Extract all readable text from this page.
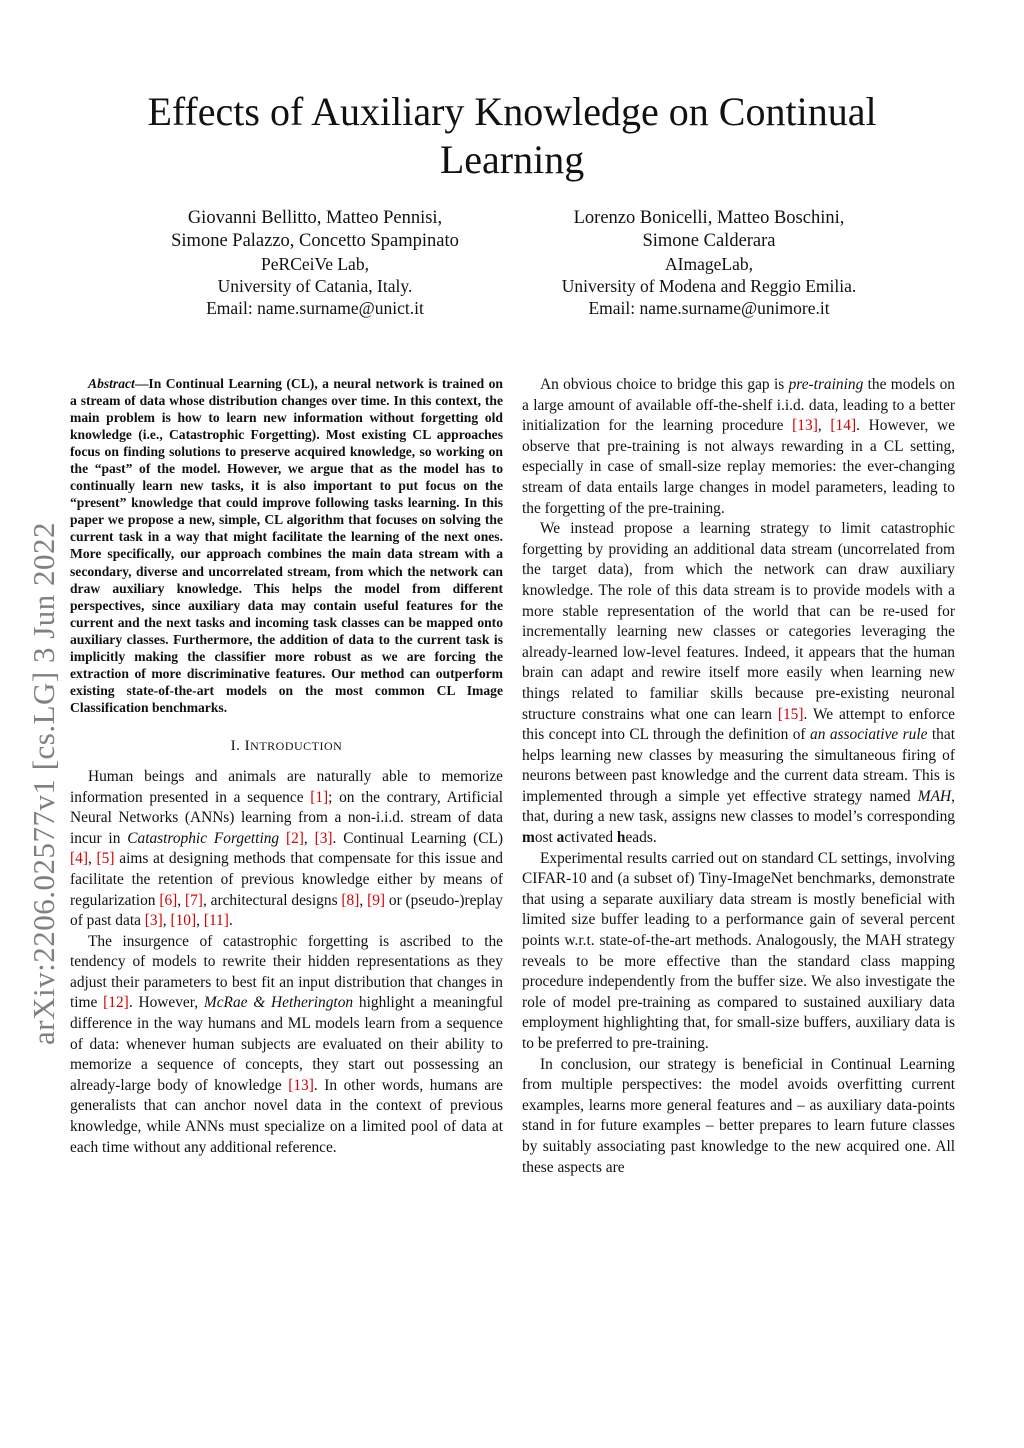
arXiv:2206.02577v1 [cs.LG] 3 Jun 2022
Effects of Auxiliary Knowledge on Continual Learning
Giovanni Bellitto, Matteo Pennisi,
Simone Palazzo, Concetto Spampinato
PeRCeiVe Lab,
University of Catania, Italy.
Email: name.surname@unict.it
Lorenzo Bonicelli, Matteo Boschini,
Simone Calderara
AImageLab,
University of Modena and Reggio Emilia.
Email: name.surname@unimore.it

Abstract—In Continual Learning (CL), a neural network is trained on a stream of data whose distribution changes over time. In this context, the main problem is how to learn new information without forgetting old knowledge (i.e., Catastrophic Forgetting). Most existing CL approaches focus on finding solutions to preserve acquired knowledge, so working on the “past” of the model. However, we argue that as the model has to continually learn new tasks, it is also important to put focus on the “present” knowledge that could improve following tasks learning. In this paper we propose a new, simple, CL algorithm that focuses on solving the current task in a way that might facilitate the learning of the next ones. More specifically, our approach combines the main data stream with a secondary, diverse and uncorrelated stream, from which the network can draw auxiliary knowledge. This helps the model from different perspectives, since auxiliary data may contain useful features for the current and the next tasks and incoming task classes can be mapped onto auxiliary classes. Furthermore, the addition of data to the current task is implicitly making the classifier more robust as we are forcing the extraction of more discriminative features. Our method can outperform existing state-of-the-art models on the most common CL Image Classification benchmarks.

I. INTRODUCTION

Human beings and animals are naturally able to memorize information presented in a sequence [1]; on the contrary, Artificial Neural Networks (ANNs) learning from a non-i.i.d. stream of data incur in Catastrophic Forgetting [2], [3]. Continual Learning (CL) [4], [5] aims at designing methods that compensate for this issue and facilitate the retention of previous knowledge either by means of regularization [6], [7], architectural designs [8], [9] or (pseudo-)replay of past data [3], [10], [11].

The insurgence of catastrophic forgetting is ascribed to the tendency of models to rewrite their hidden representations as they adjust their parameters to best fit an input distribution that changes in time [12]. However, McRae & Hetherington highlight a meaningful difference in the way humans and ML models learn from a sequence of data: whenever human subjects are evaluated on their ability to memorize a sequence of concepts, they start out possessing an already-large body of knowledge [13]. In other words, humans are generalists that can anchor novel data in the context of previous knowledge, while ANNs must specialize on a limited pool of data at each time without any additional reference.

An obvious choice to bridge this gap is pre-training the models on a large amount of available off-the-shelf i.i.d. data, leading to a better initialization for the learning procedure [13], [14]. However, we observe that pre-training is not always rewarding in a CL setting, especially in case of small-size replay memories: the ever-changing stream of data entails large changes in model parameters, leading to the forgetting of the pre-training.

We instead propose a learning strategy to limit catastrophic forgetting by providing an additional data stream (uncorrelated from the target data), from which the network can draw auxiliary knowledge. The role of this data stream is to provide models with a more stable representation of the world that can be re-used for incrementally learning new classes or categories leveraging the already-learned low-level features. Indeed, it appears that the human brain can adapt and rewire itself more easily when learning new things related to familiar skills because pre-existing neuronal structure constrains what one can learn [15]. We attempt to enforce this concept into CL through the definition of an associative rule that helps learning new classes by measuring the simultaneous firing of neurons between past knowledge and the current data stream. This is implemented through a simple yet effective strategy named MAH, that, during a new task, assigns new classes to model’s corresponding most activated heads.

Experimental results carried out on standard CL settings, involving CIFAR-10 and (a subset of) Tiny-ImageNet benchmarks, demonstrate that using a separate auxiliary data stream is mostly beneficial with limited size buffer leading to a performance gain of several percent points w.r.t. state-of-the-art methods. Analogously, the MAH strategy reveals to be more effective than the standard class mapping procedure independently from the buffer size. We also investigate the role of model pre-training as compared to sustained auxiliary data employment highlighting that, for small-size buffers, auxiliary data is to be preferred to pre-training.

In conclusion, our strategy is beneficial in Continual Learning from multiple perspectives: the model avoids overfitting current examples, learns more general features and – as auxiliary data-points stand in for future examples – better prepares to learn future classes by suitably associating past knowledge to the new acquired one. All these aspects are
